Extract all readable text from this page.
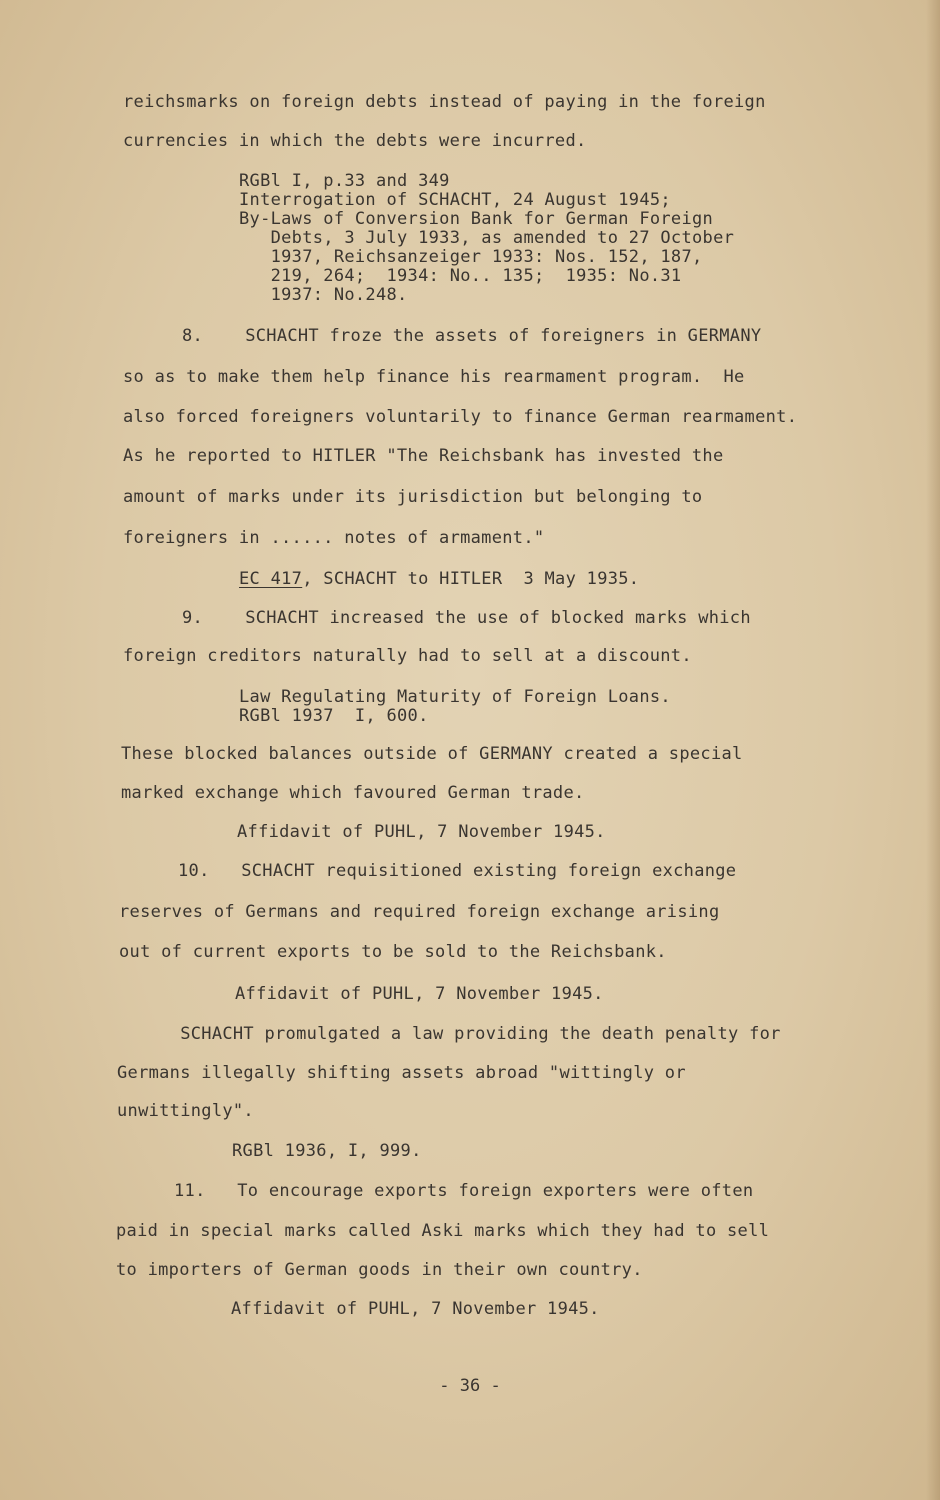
reichsmarks on foreign debts instead of paying in the foreign
currencies in which the debts were incurred.
RGBl I, p.33 and 349
Interrogation of SCHACHT, 24 August 1945;
By-Laws of Conversion Bank for German Foreign
Debts, 3 July 1933, as amended to 27 October
1937, Reichsanzeiger 1933: Nos. 152, 187,
219, 264;  1934: No.. 135;  1935: No.31
1937: No.248.
8.    SCHACHT froze the assets of foreigners in GERMANY
so as to make them help finance his rearmament program.  He
also forced foreigners voluntarily to finance German rearmament.
As he reported to HITLER "The Reichsbank has invested the
amount of marks under its jurisdiction but belonging to
foreigners in ...... notes of armament."
EC 417, SCHACHT to HITLER  3 May 1935.
9.    SCHACHT increased the use of blocked marks which
foreign creditors naturally had to sell at a discount.
Law Regulating Maturity of Foreign Loans.
RGBl 1937  I, 600.
These blocked balances outside of GERMANY created a special
marked exchange which favoured German trade.
Affidavit of PUHL, 7 November 1945.
10.   SCHACHT requisitioned existing foreign exchange
reserves of Germans and required foreign exchange arising
out of current exports to be sold to the Reichsbank.
Affidavit of PUHL, 7 November 1945.
SCHACHT promulgated a law providing the death penalty for
Germans illegally shifting assets abroad "wittingly or
unwittingly".
RGBl 1936, I, 999.
11.   To encourage exports foreign exporters were often
paid in special marks called Aski marks which they had to sell
to importers of German goods in their own country.
Affidavit of PUHL, 7 November 1945.
- 36 -
